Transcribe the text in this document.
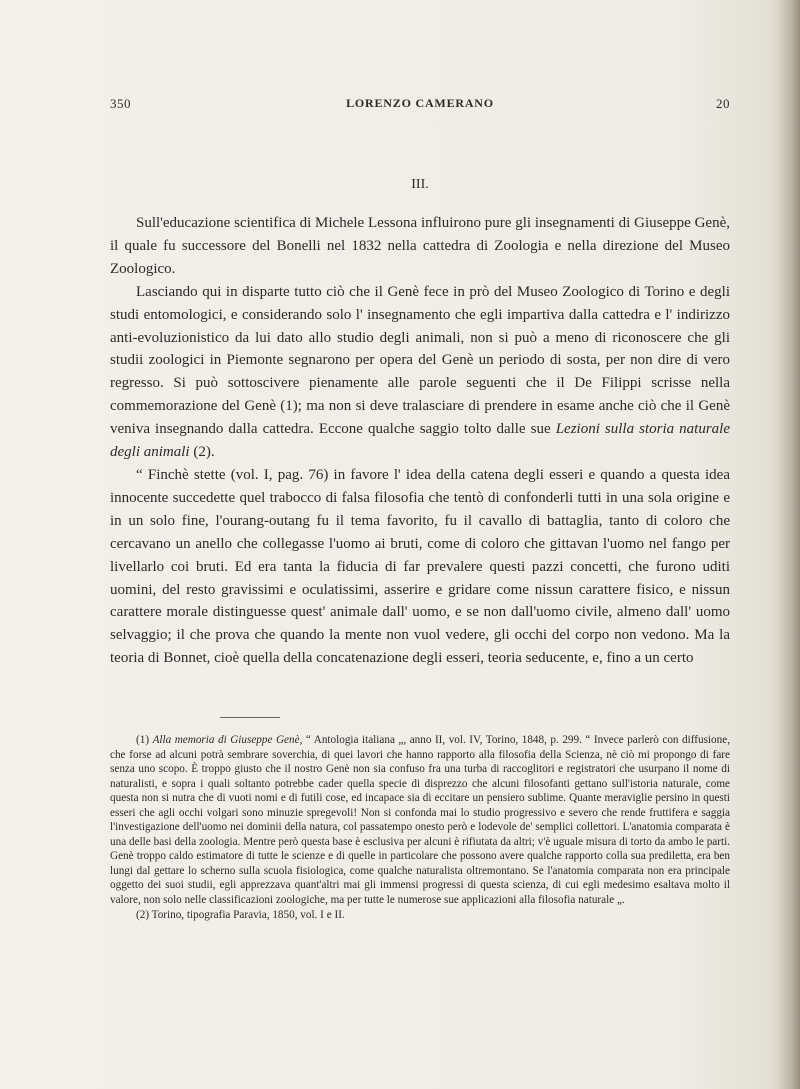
350	LORENZO CAMERANO	20
III.

Sull'educazione scientifica di Michele Lessona influirono pure gli insegnamenti di Giuseppe Genè, il quale fu successore del Bonelli nel 1832 nella cattedra di Zoologia e nella direzione del Museo Zoologico.

Lasciando qui in disparte tutto ciò che il Genè fece in prò del Museo Zoologico di Torino e degli studi entomologici, e considerando solo l' insegnamento che egli impartiva dalla cattedra e l' indirizzo anti-evoluzionistico da lui dato allo studio degli animali, non si può a meno di riconoscere che gli studii zoologici in Piemonte segnarono per opera del Genè un periodo di sosta, per non dire di vero regresso. Si può sottoscivere pienamente alle parole seguenti che il De Filippi scrisse nella commemorazione del Genè (1); ma non si deve tralasciare di prendere in esame anche ciò che il Genè veniva insegnando dalla cattedra. Eccone qualche saggio tolto dalle sue Lezioni sulla storia naturale degli animali (2).

“ Finchè stette (vol. I, pag. 76) in favore l' idea della catena degli esseri e quando a questa idea innocente succedette quel trabocco di falsa filosofia che tentò di confonderli tutti in una sola origine e in un solo fine, l'ourang-outang fu il tema favorito, fu il cavallo di battaglia, tanto di coloro che cercavano un anello che collegasse l'uomo ai bruti, come di coloro che gittavan l'uomo nel fango per livellarlo coi bruti. Ed era tanta la fiducia di far prevalere questi pazzi concetti, che furono uditi uomini, del resto gravissimi e oculatissimi, asserire e gridare come nissun carattere fisico, e nissun carattere morale distinguesse quest' animale dall' uomo, e se non dall'uomo civile, almeno dall' uomo selvaggio; il che prova che quando la mente non vuol vedere, gli occhi del corpo non vedono. Ma la teoria di Bonnet, cioè quella della concatenazione degli esseri, teoria seducente, e, fino a un certo

(1) Alla memoria di Giuseppe Genè, “ Antologia italiana „, anno II, vol. IV, Torino, 1848, p. 299. “ Invece parlerò con diffusione, che forse ad alcuni potrà sembrare soverchia, di quei lavori che hanno rapporto alla filosofia della Scienza, nè ciò mi propongo di fare senza uno scopo. È troppo giusto che il nostro Genè non sia confuso fra una turba di raccoglitori e registratori che usurpano il nome di naturalisti, e sopra i quali soltanto potrebbe cader quella specie di disprezzo che alcuni filosofanti gettano sull'istoria naturale, come questa non si nutra che di vuoti nomi e di futili cose, ed incapace sia di eccitare un pensiero sublime. Quante meraviglie persino in questi esseri che agli occhi volgari sono minuzie spregevoli! Non si confonda mai lo studio progressivo e severo che rende fruttifera e saggia l'investigazione dell'uomo nei dominii della natura, col passatempo onesto però e lodevole de' semplici collettori. L'anatomia comparata è una delle basi della zoologia. Mentre però questa base è esclusiva per alcuni è rifiutata da altri; v'è uguale misura di torto da ambo le parti. Genè troppo caldo estimatore di tutte le scienze e di quelle in particolare che possono avere qualche rapporto colla sua prediletta, era ben lungi dal gettare lo scherno sulla scuola fisiologica, come qualche naturalista oltremontano. Se l'anatomia comparata non era principale oggetto dei suoi studii, egli apprezzava quant'altri mai gli immensi progressi di questa scienza, di cui egli medesimo esaltava molto il valore, non solo nelle classificazioni zoologiche, ma per tutte le numerose sue applicazioni alla filosofia naturale „.

(2) Torino, tipografia Paravia, 1850, vol. I e II.
